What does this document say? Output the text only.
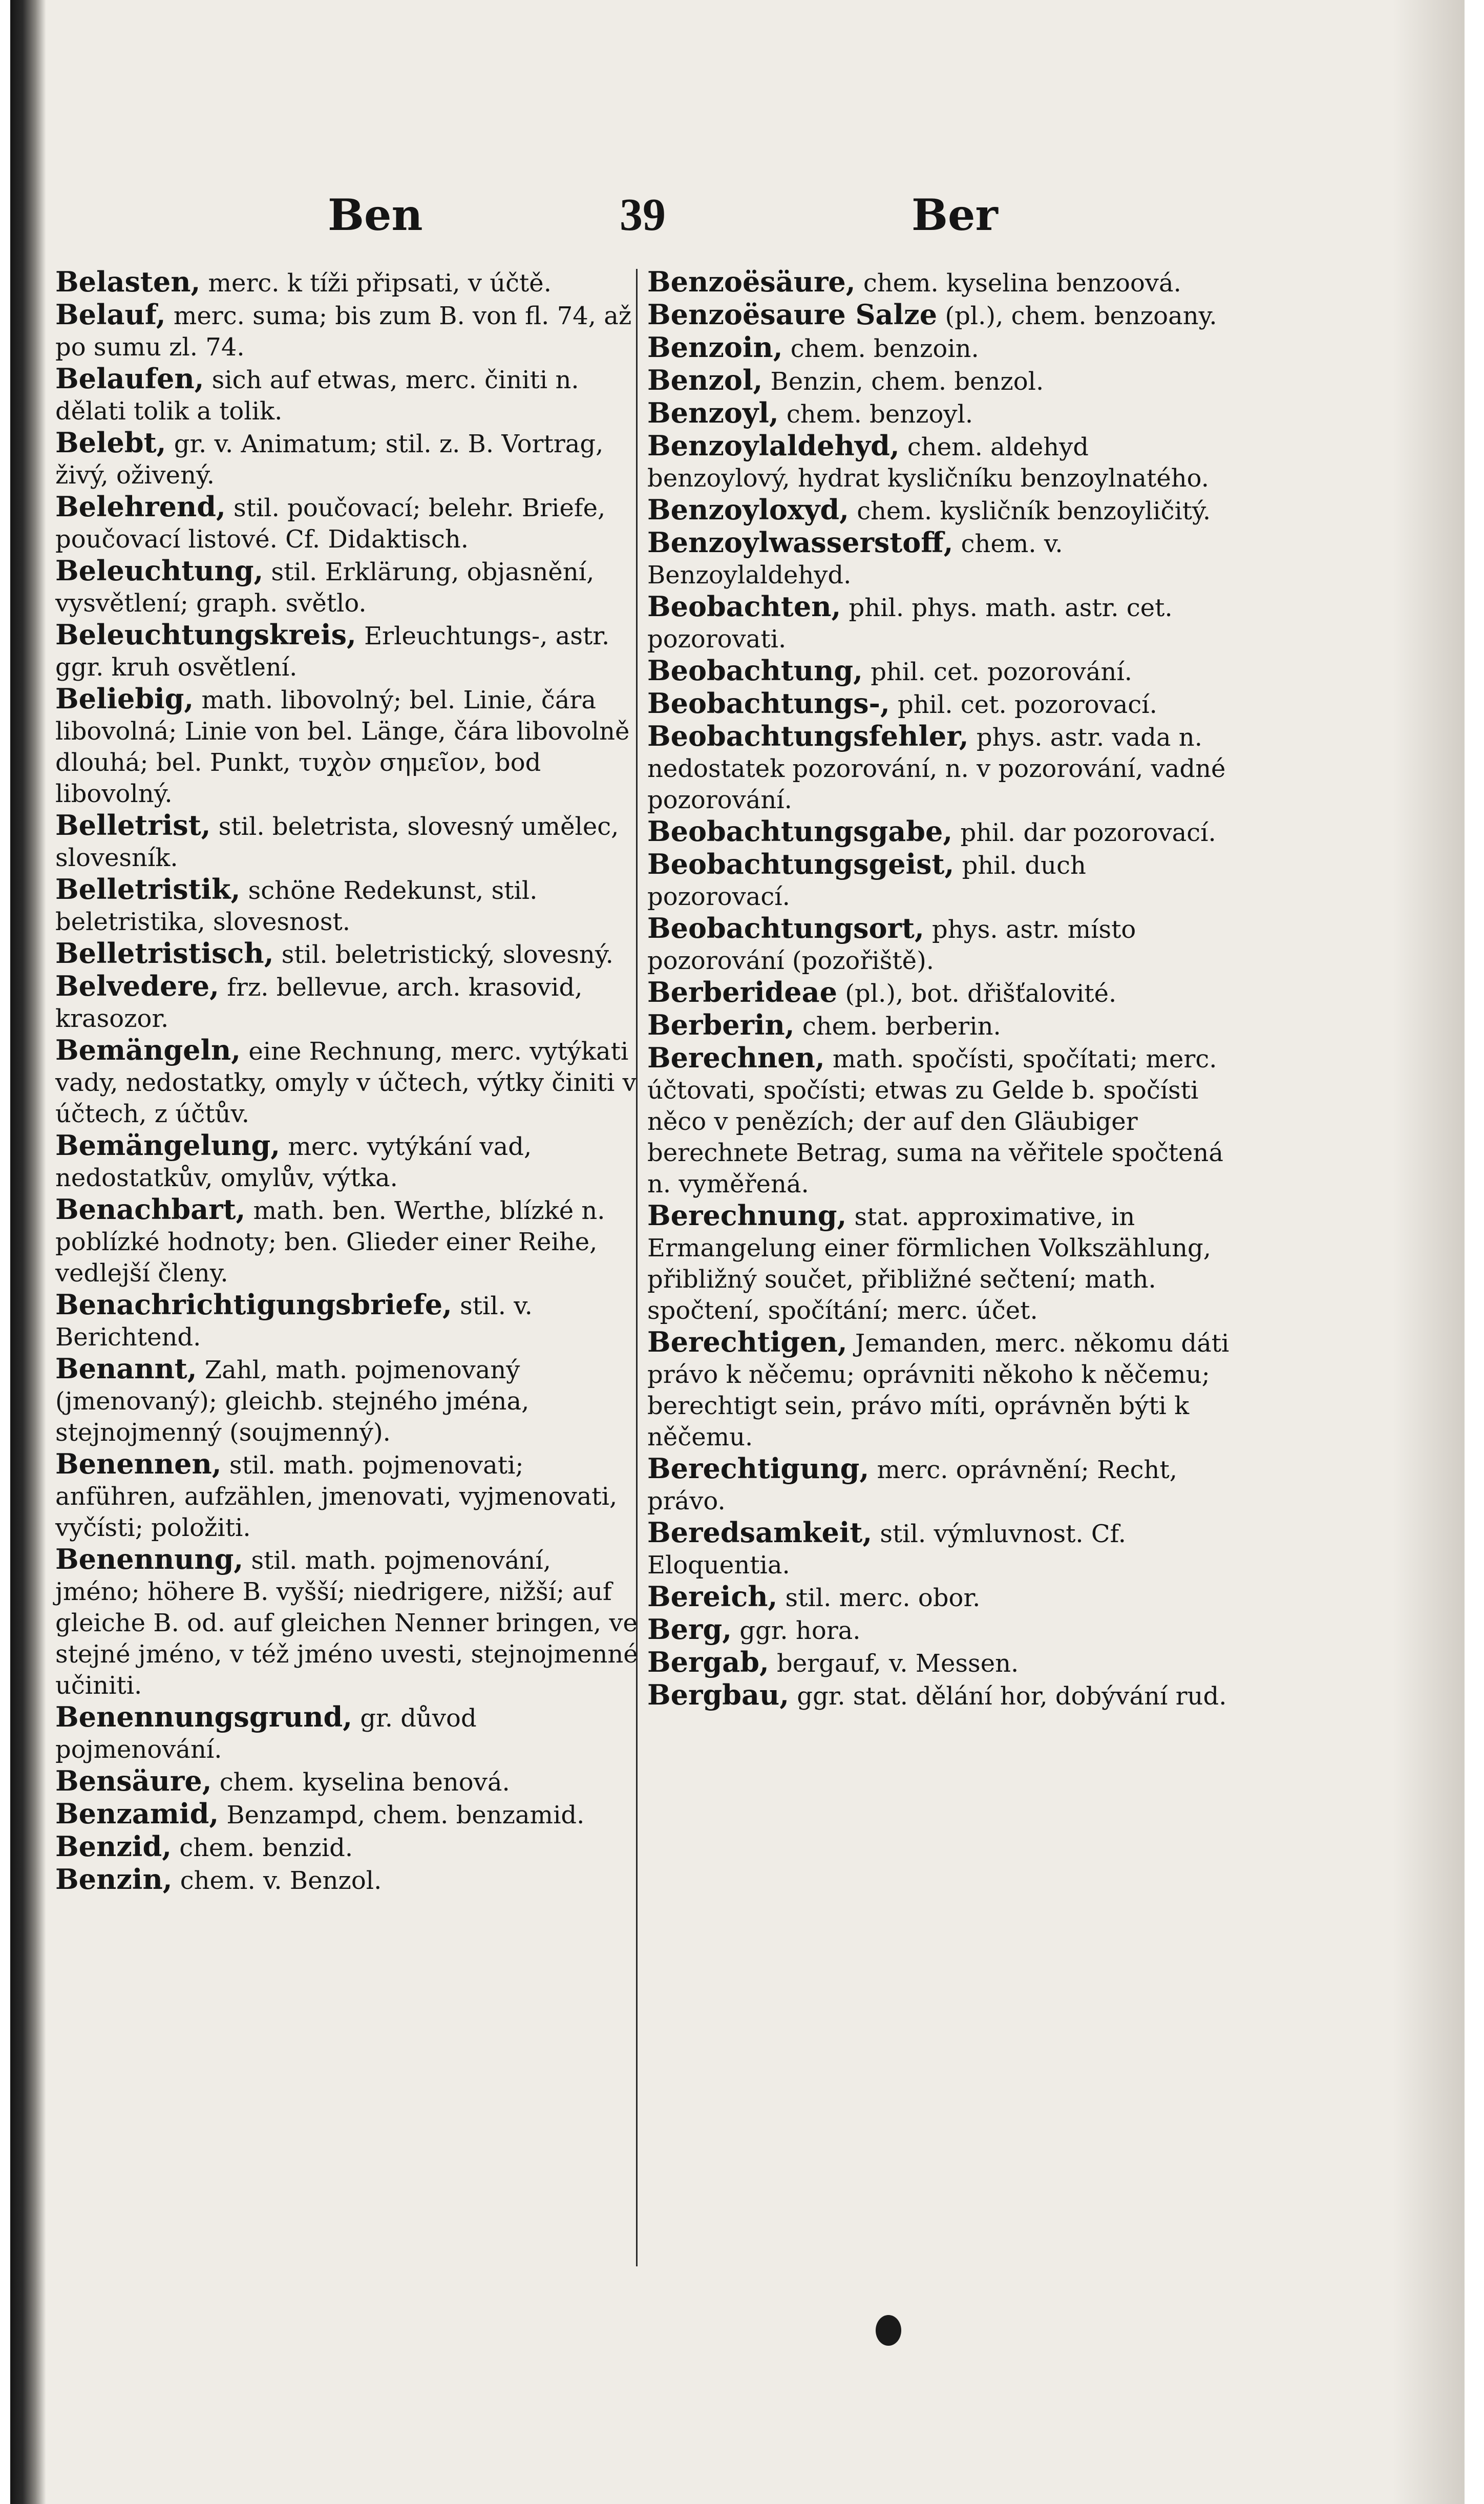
Ben	39	Ber

Belasten, merc. k tíži připsati, v účtě.

Belauf, merc. suma; bis zum B. von fl. 74, až po sumu zl. 74.

Belaufen, sich auf etwas, merc. činiti n. dělati tolik a tolik.

Belebt, gr. v. Animatum; stil. z. B. Vortrag, živý, oživený.

Belehrend, stil. poučovací; belehr. Briefe, poučovací listové. Cf. Didaktisch.

Beleuchtung, stil. Erklärung, objasnění, vysvětlení; graph. světlo.

Beleuchtungskreis, Erleuchtungs-, astr. ggr. kruh osvětlení.

Beliebig, math. libovolný; bel. Linie, čára libovolná; Linie von bel. Länge, čára libovolně dlouhá; bel. Punkt, τυχὸν σημεῖον, bod libovolný.

Belletrist, stil. beletrista, slovesný umělec, slovesník.

Belletristik, schöne Redekunst, stil. beletristika, slovesnost.

Belletristisch, stil. beletristický, slovesný.

Belvedere, frz. bellevue, arch. krasovid, krasozor.

Bemängeln, eine Rechnung, merc. vytýkati vady, nedostatky, omyly v účtech, výtky činiti v účtech, z účtův.

Bemängelung, merc. vytýkání vad, nedostatkův, omylův, výtka.

Benachbart, math. ben. Werthe, blízké n. poblízké hodnoty; ben. Glieder einer Reihe, vedlejší členy.

Benachrichtigungsbriefe, stil. v. Berichtend.

Benannt, Zahl, math. pojmenovaný (jmenovaný); gleichb. stejného jména, stejnojmenný (soujmenný).

Benennen, stil. math. pojmenovati; anführen, aufzählen, jmenovati, vyjmenovati, vyčísti; položiti.

Benennung, stil. math. pojmenování, jméno; höhere B. vyšší; niedrigere, nižší; auf gleiche B. od. auf gleichen Nenner bringen, ve stejné jméno, v též jméno uvesti, stejnojmenné učiniti.

Benennungsgrund, gr. důvod pojmenování.

Bensäure, chem. kyselina benová.

Benzamid, Benzampd, chem. benzamid.

Benzid, chem. benzid.

Benzin, chem. v. Benzol.

Benzoësäure, chem. kyselina benzoová.

Benzoësaure Salze (pl.), chem. benzoany.

Benzoin, chem. benzoin.

Benzol, Benzin, chem. benzol.

Benzoyl, chem. benzoyl.

Benzoylaldehyd, chem. aldehyd benzoylový, hydrat kysličníku benzoylnatého.

Benzoyloxyd, chem. kysličník benzoyličitý.

Benzoylwasserstoff, chem. v. Benzoylaldehyd.

Beobachten, phil. phys. math. astr. cet. pozorovati.

Beobachtung, phil. cet. pozorování.

Beobachtungs-, phil. cet. pozorovací.

Beobachtungsfehler, phys. astr. vada n. nedostatek pozorování, n. v pozorování, vadné pozorování.

Beobachtungsgabe, phil. dar pozorovací.

Beobachtungsgeist, phil. duch pozorovací.

Beobachtungsort, phys. astr. místo pozorování (pozořiště).

Berberideae (pl.), bot. dřišťalovité.

Berberin, chem. berberin.

Berechnen, math. spočísti, spočítati; merc. účtovati, spočísti; etwas zu Gelde b. spočísti něco v penězích; der auf den Gläubiger berechnete Betrag, suma na věřitele spočtená n. vyměřená.

Berechnung, stat. approximative, in Ermangelung einer förmlichen Volkszählung, přibližný součet, přibližné sečtení; math. spočtení, spočítání; merc. účet.

Berechtigen, Jemanden, merc. někomu dáti právo k něčemu; oprávniti někoho k něčemu; berechtigt sein, právo míti, oprávněn býti k něčemu.

Berechtigung, merc. oprávnění; Recht, právo.

Beredsamkeit, stil. výmluvnost. Cf. Eloquentia.

Bereich, stil. merc. obor.

Berg, ggr. hora.

Bergab, bergauf, v. Messen.

Bergbau, ggr. stat. dělání hor, dobývání rud.
